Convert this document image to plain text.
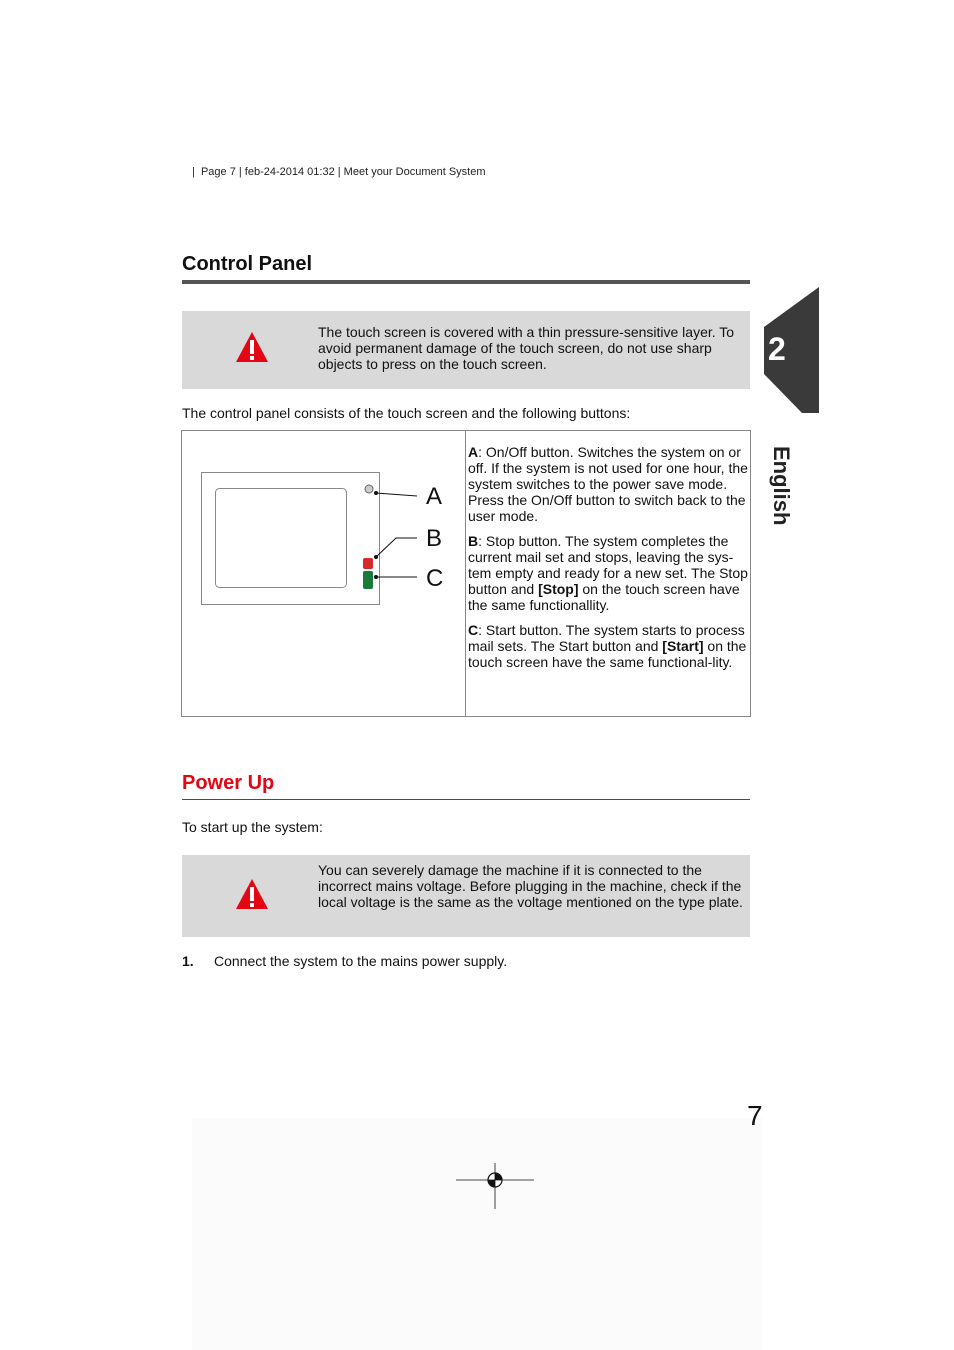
|  Page 7 | feb-24-2014 01:32 | Meet your Document System
Control Panel
The touch screen is covered with a thin pressure-sensitive layer. To avoid permanent damage of the touch screen, do not use sharp objects to press on the touch screen.
The control panel consists of the touch screen and the following buttons:
A
B
C

A: On/Off button. Switches the system on or off. If the system is not used for one hour, the system switches to the power save mode. Press the On/Off button to switch back to the user mode.

B: Stop button. The system completes the current mail set and stops, leaving the sys-tem empty and ready for a new set. The Stop button and [Stop] on the touch screen have the same functionallity.

C: Start button. The system starts to process mail sets. The Start button and [Start] on the touch screen have the same functional-lity.

Power Up
To start up the system:
You can severely damage the machine if it is connected to the incorrect mains voltage. Before plugging in the machine, check if the local voltage is the same as the voltage mentioned on the type plate.
1. Connect the system to the mains power supply.
2
English
7
